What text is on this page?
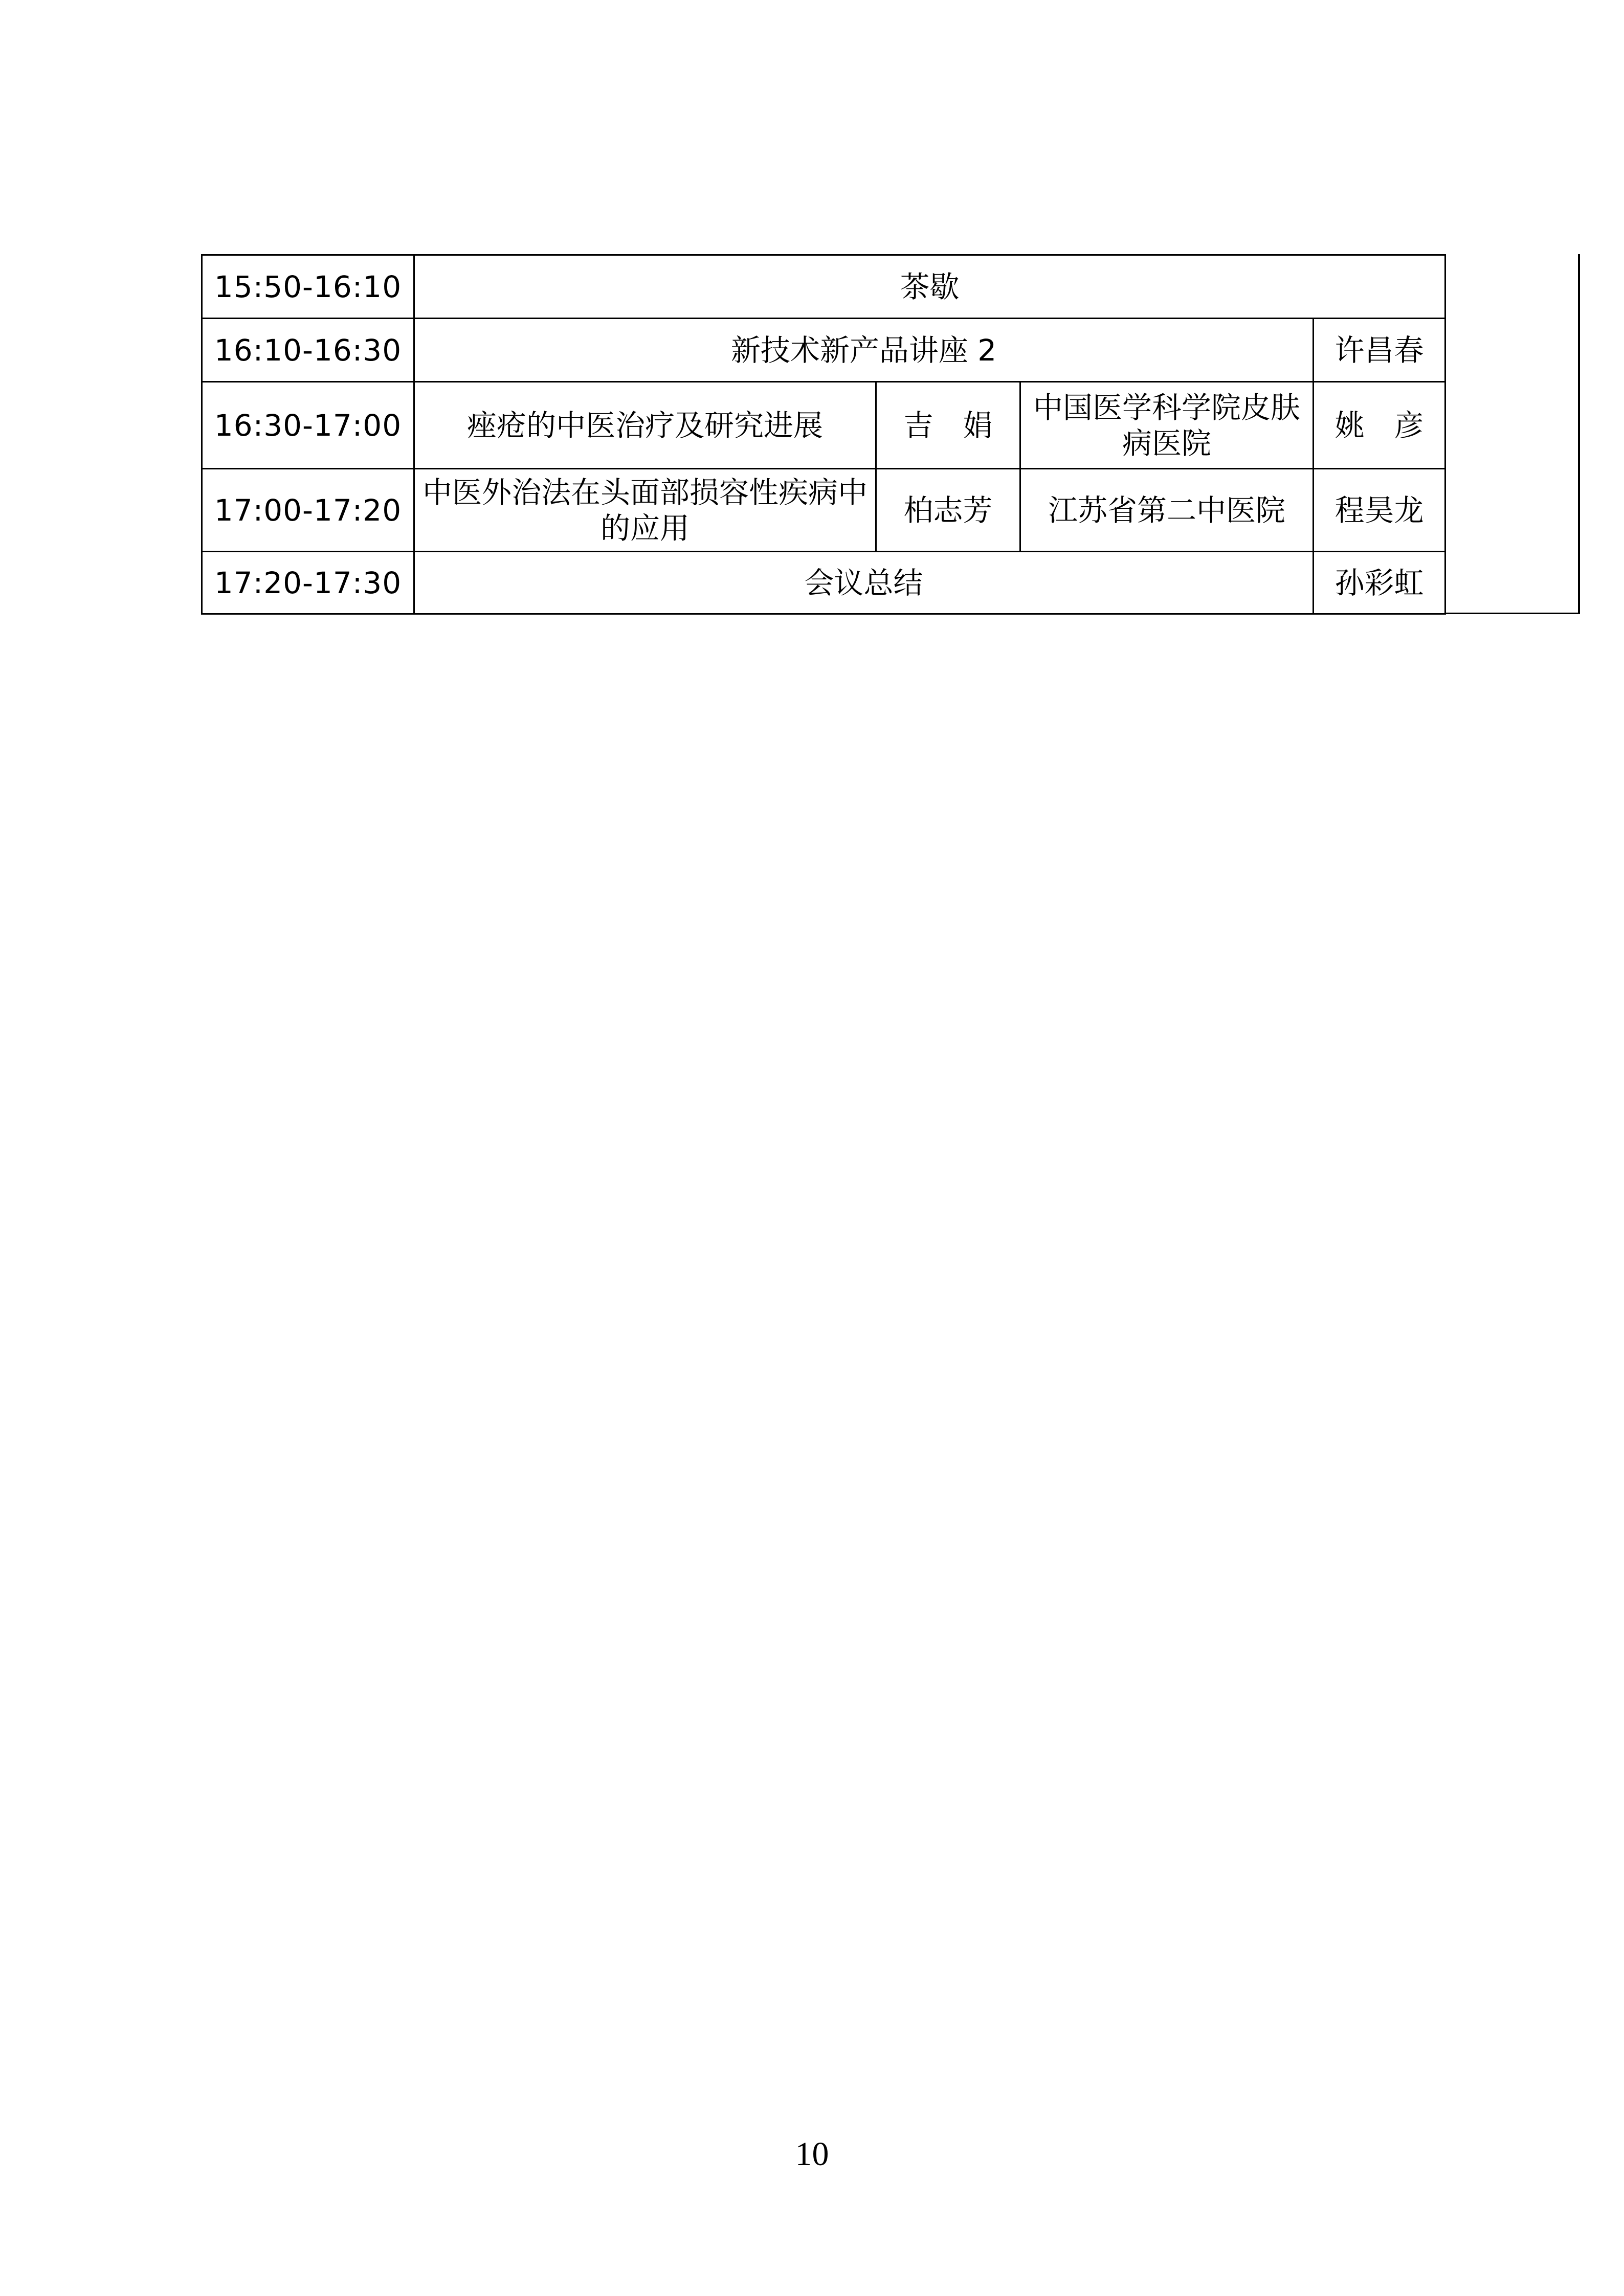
15:50-16:10	茶歇			
16:10-16:30	新技术新产品讲座 2			许昌春
16:30-17:00	痤疮的中医治疗及研究进展	吉　娟	中国医学科学院皮肤病医院	姚　彦
17:00-17:20	中医外治法在头面部损容性疾病中的应用	柏志芳	江苏省第二中医院	程昊龙
17:20-17:30	会议总结			孙彩虹
10
